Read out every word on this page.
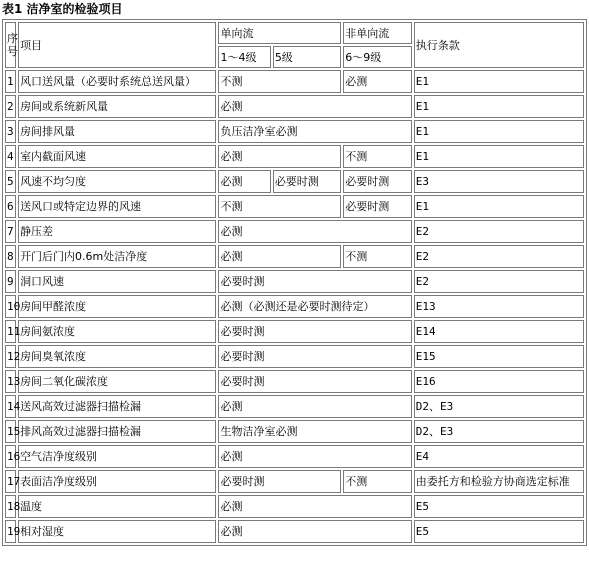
表1 洁净室的检验项目
序号	项目	单向流		非单向流	执行条款
		1～4级	5级	6～9级	
1	风口送风量（必要时系统总送风量）	不测		必测	E1
2	房间或系统新风量	必测			E1
3	房间排风量	负压洁净室必测			E1
4	室内截面风速	必测		不测	E1
5	风速不均匀度	必测	必要时测	必要时测	E3
6	送风口或特定边界的风速	不测		必要时测	E1
7	静压差	必测			E2
8	开门后门内0.6m处洁净度	必测		不测	E2
9	洞口风速	必要时测			E2
10	房间甲醛浓度	必测（必测还是必要时测待定）			E13
11	房间氨浓度	必要时测			E14
12	房间臭氧浓度	必要时测			E15
13	房间二氧化碳浓度	必要时测			E16
14	送风高效过滤器扫描检漏	必测			D2、E3
15	排风高效过滤器扫描检漏	生物洁净室必测			D2、E3
16	空气洁净度级别	必测			E4
17	表面洁净度级别	必要时测		不测	由委托方和检验方协商选定标准
18	温度	必测			E5
19	相对湿度	必测			E5
